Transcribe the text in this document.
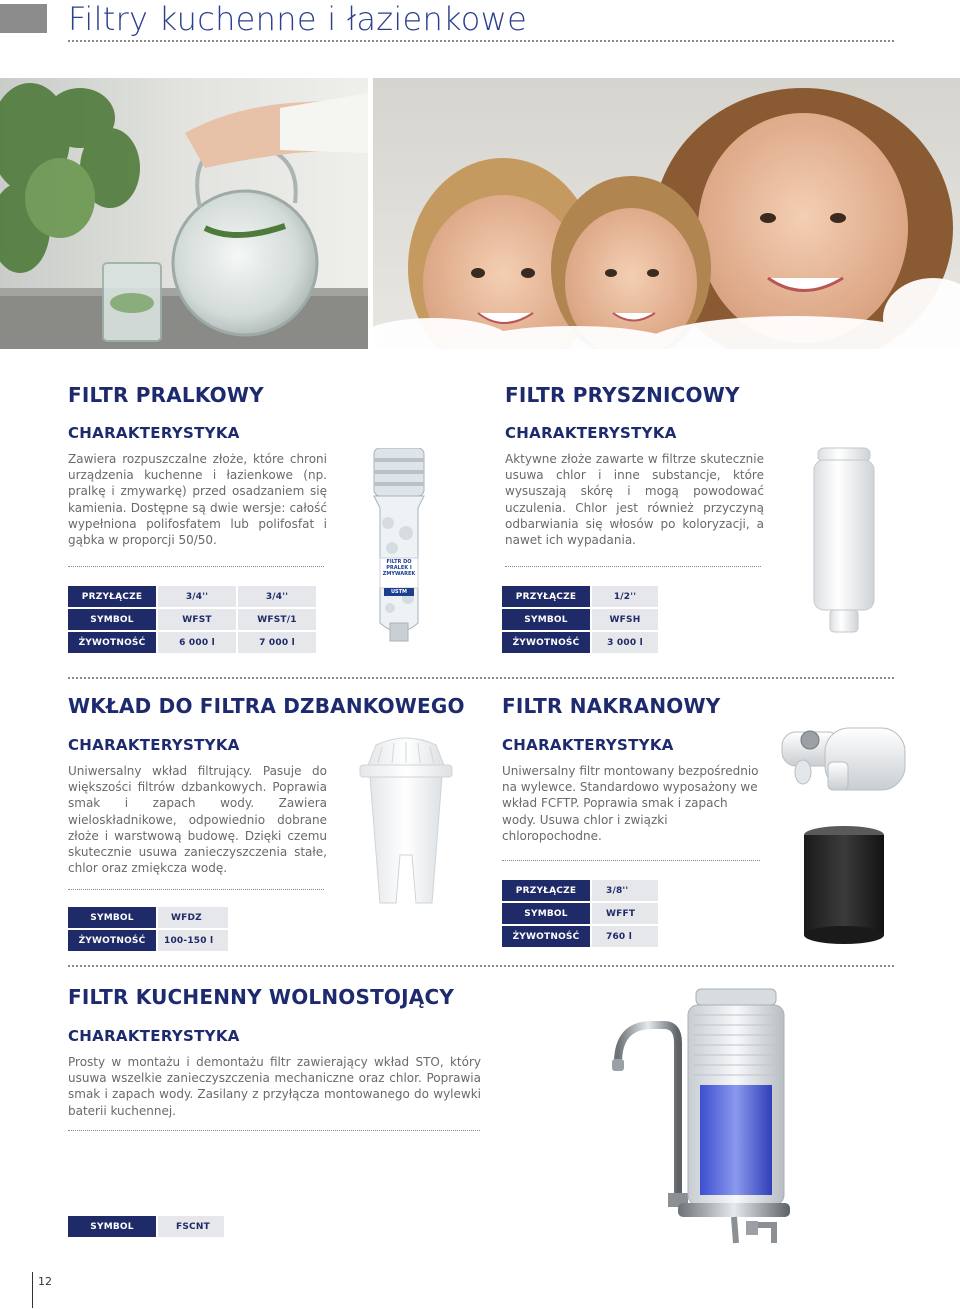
Filtry kuchenne i łazienkowe
FILTR PRALKOWY
CHARAKTERYSTYKA

Zawiera rozpuszczalne złoże, które chroni urządzenia kuchenne i łazienkowe (np. pralkę i zmywarkę) przed osadzaniem się kamienia. Dostępne są dwie wersje: całość wypełniona polifosfatem lub polifosfat i gąbka w proporcji 50/50.

FILTR DO PRALEK I ZMYWAREK
USTM
PRZYŁĄCZE	3/4''	3/4''
SYMBOL	WFST	WFST/1
ŻYWOTNOŚĆ	6 000 l	7 000 l
FILTR PRYSZNICOWY
CHARAKTERYSTYKA

Aktywne złoże zawarte w filtrze skutecznie usuwa chlor i inne substancje, które wysuszają skórę i mogą powodować uczulenia. Chlor jest również przyczyną odbarwiania się włosów po koloryzacji, a nawet ich wypadania.

PRZYŁĄCZE	1/2''
SYMBOL	WFSH
ŻYWOTNOŚĆ	3 000 l
WKŁAD DO FILTRA DZBANKOWEGO
CHARAKTERYSTYKA

Uniwersalny wkład filtrujący. Pasuje do większości filtrów dzbankowych. Poprawia smak i zapach wody. Zawiera wieloskładnikowe, odpowiednio dobrane złoże i warstwową budowę. Dzięki czemu skutecznie usuwa zanieczyszczenia stałe, chlor oraz zmiękcza wodę.

SYMBOL	WFDZ
ŻYWOTNOŚĆ	100-150 l
FILTR NAKRANOWY
CHARAKTERYSTYKA

Uniwersalny filtr montowany bezpośrednio na wylewce. Standardowo wyposażony we wkład FCFTP. Poprawia smak i zapach wody. Usuwa chlor i związki chloropochodne.

PRZYŁĄCZE	3/8''
SYMBOL	WFFT
ŻYWOTNOŚĆ	760 l
FILTR KUCHENNY WOLNOSTOJĄCY
CHARAKTERYSTYKA

Prosty w montażu i demontażu filtr zawierający wkład STO, który usuwa wszelkie zanieczyszczenia mechaniczne oraz chlor. Poprawia smak i zapach wody. Zasilany z przyłącza montowanego do wylewki baterii kuchennej.

SYMBOL	FSCNT
12
